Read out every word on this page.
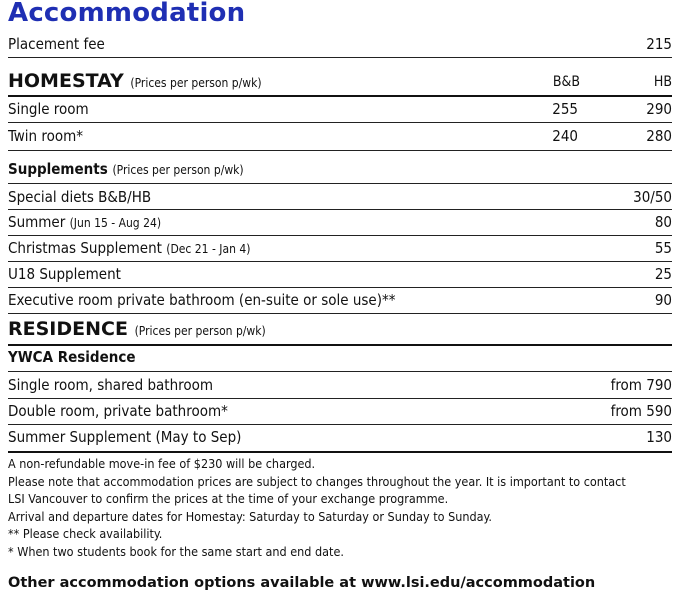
Accommodation
Placement fee	215
HOMESTAY (Prices per person p/wk)	B&B	HB
Single room	255	290
Twin room*	240	280
Supplements (Prices per person p/wk)
Special diets B&B/HB	30/50
Summer (Jun 15 - Aug 24)	80
Christmas Supplement (Dec 21 - Jan 4)	55
U18 Supplement	25
Executive room private bathroom (en-suite or sole use)**	90
RESIDENCE (Prices per person p/wk)
YWCA Residence
Single room, shared bathroom	from 790
Double room, private bathroom*	from 590
Summer Supplement (May to Sep)	130
A non-refundable move-in fee of $230 will be charged.
Please note that accommodation prices are subject to changes throughout the year. It is important to contact
LSI Vancouver to confirm the prices at the time of your exchange programme.
Arrival and departure dates for Homestay: Saturday to Saturday or Sunday to Sunday.
** Please check availability.
* When two students book for the same start and end date.
Other accommodation options available at www.lsi.edu/accommodation
